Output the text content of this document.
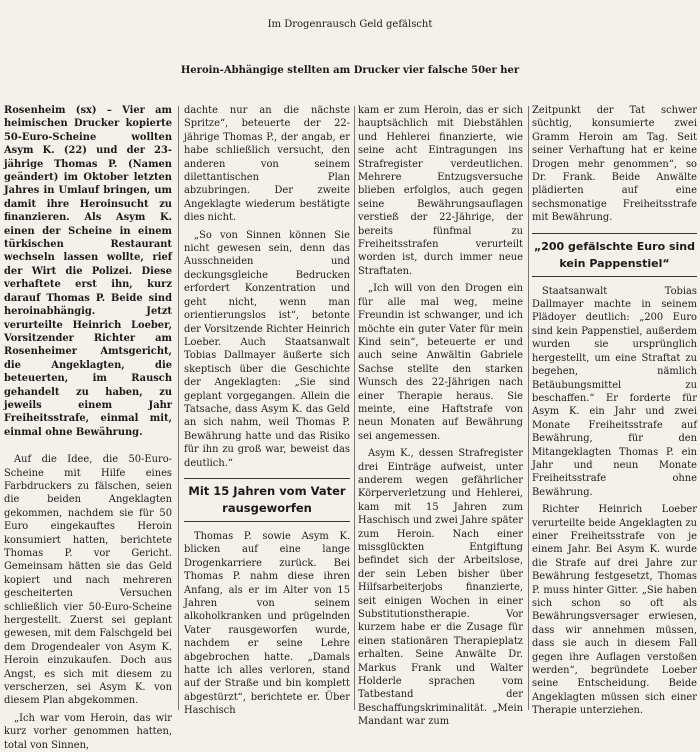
Im Drogenrausch Geld gefälscht
Heroin-Abhängige stellten am Drucker vier falsche 50er her

Rosenheim (sx) – Vier am heimischen Drucker kopierte 50-Euro-Scheine wollten Asym K. (22) und der 23-jährige Thomas P. (Namen geändert) im Oktober letzten Jahres in Umlauf bringen, um damit ihre Heroinsucht zu finanzieren. Als Asym K. einen der Scheine in einem türkischen Restaurant wechseln lassen wollte, rief der Wirt die Polizei. Diese verhaftete erst ihn, kurz darauf Thomas P. Beide sind heroinabhängig. Jetzt verurteilte Heinrich Loeber, Vorsitzender Richter am Rosenheimer Amtsgericht, die Angeklagten, die beteuerten, im Rausch gehandelt zu haben, zu jeweils einem Jahr Freiheitsstrafe, einmal mit, einmal ohne Bewährung.

Auf die Idee, die 50-Euro-Scheine mit Hilfe eines Farbdruckers zu fälschen, seien die beiden Angeklagten gekommen, nachdem sie für 50 Euro eingekauftes Heroin konsumiert hatten, berichtete Thomas P. vor Gericht. Gemeinsam hätten sie das Geld kopiert und nach mehreren gescheiterten Versuchen schließlich vier 50-Euro-Scheine hergestellt. Zuerst sei geplant gewesen, mit dem Falschgeld bei dem Drogendealer von Asym K. Heroin einzukaufen. Doch aus Angst, es sich mit diesem zu verscherzen, sei Asym K. von diesem Plan abgekommen.

„Ich war vom Heroin, das wir kurz vorher genommen hatten, total von Sinnen,

dachte nur an die nächste Spritze“, beteuerte der 22-jährige Thomas P., der angab, er habe schließlich versucht, den anderen von seinem dilettantischen Plan abzubringen. Der zweite Angeklagte wiederum bestätigte dies nicht.

„So von Sinnen können Sie nicht gewesen sein, denn das Ausschneiden und deckungsgleiche Bedrucken erfordert Konzentration und geht nicht, wenn man orientierungslos ist“, betonte der Vorsitzende Richter Heinrich Loeber. Auch Staatsanwalt Tobias Dallmayer äußerte sich skeptisch über die Geschichte der Angeklagten: „Sie sind geplant vorgegangen. Allein die Tatsache, dass Asym K. das Geld an sich nahm, weil Thomas P. Bewährung hatte und das Risiko für ihn zu groß war, beweist das deutlich.“

Mit 15 Jahren vom Vater rausgeworfen

Thomas P. sowie Asym K. blicken auf eine lange Drogenkarriere zurück. Bei Thomas P. nahm diese ihren Anfang, als er im Alter von 15 Jahren von seinem alkoholkranken und prügelnden Vater rausgeworfen wurde, nachdem er seine Lehre abgebrochen hatte. „Damals hatte ich alles verloren, stand auf der Straße und bin komplett abgestürzt“, berichtete er. Über Haschisch

kam er zum Heroin, das er sich hauptsächlich mit Diebstählen und Hehlerei finanzierte, wie seine acht Eintragungen ins Strafregister verdeutlichen. Mehrere Entzugsversuche blieben erfolglos, auch gegen seine Bewährungsauflagen verstieß der 22-Jährige, der bereits fünfmal zu Freiheitsstrafen verurteilt worden ist, durch immer neue Straftaten.

„Ich will von den Drogen ein für alle mal weg, meine Freundin ist schwanger, und ich möchte ein guter Vater für mein Kind sein“, beteuerte er und auch seine Anwältin Gabriele Sachse stellte den starken Wunsch des 22-Jährigen nach einer Therapie heraus. Sie meinte, eine Haftstrafe von neun Monaten auf Bewährung sei angemessen.

Asym K., dessen Strafregister drei Einträge aufweist, unter anderem wegen gefährlicher Körperverletzung und Hehlerei, kam mit 15 Jahren zum Haschisch und zwei Jahre später zum Heroin. Nach einer missglückten Entgiftung befindet sich der Arbeitslose, der sein Leben bisher über Hilfsarbeiterjobs finanzierte, seit einigen Wochen in einer Substitutionstherapie. Vor kurzem habe er die Zusage für einen stationären Therapieplatz erhalten. Seine Anwälte Dr. Markus Frank und Walter Holderle sprachen vom Tatbestand der Beschaffungskriminalität. „Mein Mandant war zum

Zeitpunkt der Tat schwer süchtig, konsumierte zwei Gramm Heroin am Tag. Seit seiner Verhaftung hat er keine Drogen mehr genommen“, so Dr. Frank. Beide Anwälte plädierten auf eine sechsmonatige Freiheitsstrafe mit Bewährung.

„200 gefälschte Euro sind kein Pappenstiel“

Staatsanwalt Tobias Dallmayer machte in seinem Plädoyer deutlich: „200 Euro sind kein Pappenstiel, außerdem wurden sie ursprünglich hergestellt, um eine Straftat zu begehen, nämlich Betäubungsmittel zu beschaffen.“ Er forderte für Asym K. ein Jahr und zwei Monate Freiheitsstrafe auf Bewährung, für den Mitangeklagten Thomas P. ein Jahr und neun Monate Freiheitsstrafe ohne Bewährung.

Richter Heinrich Loeber verurteilte beide Angeklagten zu einer Freiheitsstrafe von je einem Jahr. Bei Asym K. wurde die Strafe auf drei Jahre zur Bewährung festgesetzt, Thomas P. muss hinter Gitter. „Sie haben sich schon so oft als Bewährungsversager erwiesen, dass wir annehmen müssen, dass sie auch in diesem Fall gegen ihre Auflagen verstoßen werden“, begründete Loeber seine Entscheidung. Beide Angeklagten müssen sich einer Therapie unterziehen.
